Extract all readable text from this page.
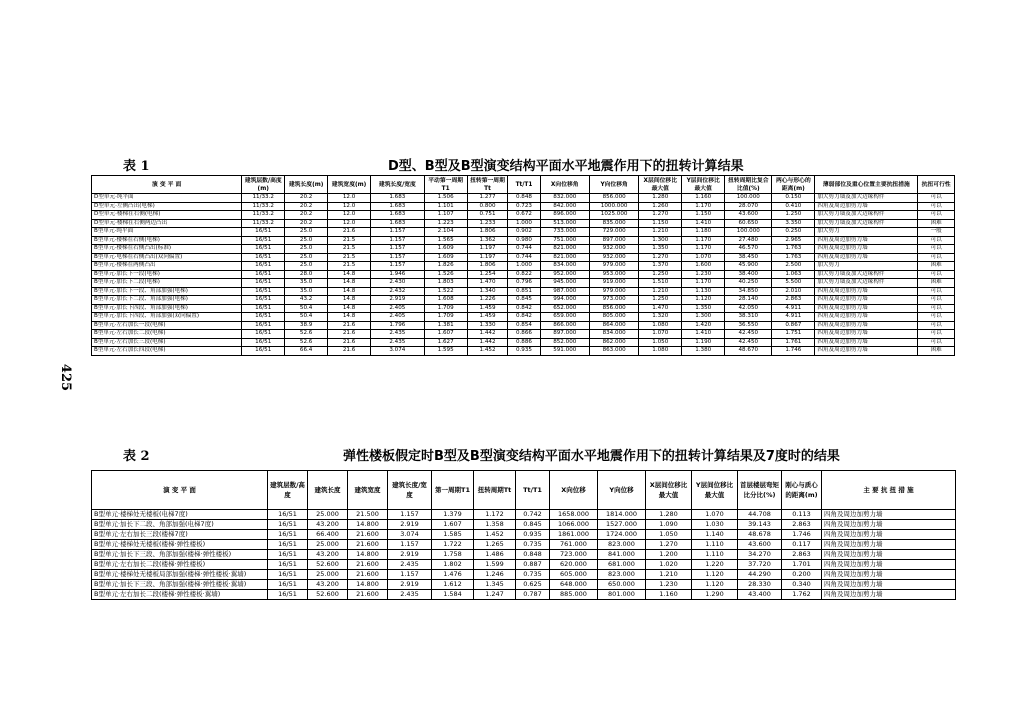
425
表 1	D型、B型及B型演变结构平面水平地震作用下的扭转计算结果
演 变 平 面	建筑层数/高度(m)	建筑长度(m)	建筑宽度(m)	建筑长度/宽度	平动第一周期T1	扭转第一周期Tt	Tt/T1	X向位移角	Y向位移角	X层间位移比最大值	Y层间位移比最大值	扭转周期比复合比值(%)	两心与形心的距离(m)	薄弱部位及重心位置主要抗扭措施	抗扭可行性
D型单元·纯平面	11/33.2	20.2	12.0	1.683	1.506	1.277	0.848	832.000	856.000	1.280	1.160	100.000	0.150	加大剪力墙及加大边缘构件	可以
D型单元·左侧凸出(电梯)	11/33.2	20.2	12.0	1.683	1.101	0.800	0.723	842.000	1000.000	1.260	1.170	28.070	0.410	四角及周边加剪力墙	可以
D型单元·楼梯在右侧(电梯)	11/33.2	20.2	12.0	1.683	1.107	0.751	0.672	896.000	1025.000	1.270	1.150	43.600	1.250	加大剪力墙及加大边缘构件	可以
D型单元·楼梯在右侧两边凸出	11/33.2	20.2	12.0	1.683	1.223	1.233	1.000	513.000	835.000	1.150	1.410	60.650	3.350	加大剪力墙及加大边缘构件	困难
B型单元·纯平面	16/51	25.0	21.6	1.157	2.104	1.806	0.902	733.000	729.000	1.210	1.180	100.000	0.250	加大剪力	一般
B型单元·楼梯在右侧(电梯)	16/51	25.0	21.5	1.157	1.565	1.362	0.980	751.000	897.000	1.300	1.170	27.480	2.965	四角及周边加剪力墙	可以
B型单元·楼梯在右侧凸出(标准)	16/51	25.0	21.5	1.157	1.609	1.197	0.744	821.000	932.000	1.350	1.170	46.570	1.763	四角及周边加剪力墙	可以
B型单元·电梯在右侧凸出(双向偏置)	16/51	25.0	21.5	1.157	1.609	1.197	0.744	821.000	932.000	1.270	1.070	38.450	1.763	四角及周边加剪力墙	可以
B型单元·楼梯在两侧凸出	16/51	25.0	21.5	1.157	1.826	1.806	1.000	834.000	979.000	1.370	1.600	45.900	2.500	加大剪力	困难
B型单元·加长下一段(电梯)	16/51	28.0	14.8	1.946	1.526	1.254	0.822	952.000	953.000	1.250	1.230	38.400	1.063	加大剪力墙及加大边缘构件	可以
B型单元·加长下二段(电梯)	16/51	35.0	14.8	2.430	1.803	1.470	0.796	945.000	919.000	1.510	1.170	40.250	5.500	加大剪力墙及加大边缘构件	困难
B型单元·加长下一段、角部加强(电梯)	16/51	35.0	14.8	2.432	1.522	1.340	0.851	987.000	979.000	1.210	1.130	34.850	2.010	四角及周边加剪力墙	可以
B型单元·加长下二段、角部加强(电梯)	16/51	43.2	14.8	2.919	1.608	1.226	0.845	994.000	973.000	1.250	1.120	28.140	2.863	四角及周边加剪力墙	可以
B型单元·加长下四段、角部加强(电梯)	16/51	50.4	14.8	2.405	1.709	1.459	0.842	652.000	856.000	1.470	1.350	42.050	4.911	四角及周边加剪力墙	可以
B型单元·加长下四段、角部加强(双向偏置)	16/51	50.4	14.8	2.405	1.709	1.459	0.842	659.000	805.000	1.320	1.300	38.310	4.911	四角及周边加剪力墙	可以
B型单元·左右加长一段(电梯)	16/51	38.9	21.6	1.796	1.381	1.330	0.854	866.000	864.000	1.080	1.420	36.550	0.867	四角及周边加剪力墙	可以
B型单元·左右加长二段(电梯)	16/51	52.6	21.6	2.435	1.607	1.442	0.866	897.000	834.000	1.070	1.410	42.450	1.751	四角及周边加剪力墙	可以
B型单元·左右加长三段(电梯)	16/51	52.6	21.6	2.435	1.627	1.442	0.886	852.000	862.000	1.050	1.190	42.450	1.761	四角及周边加剪力墙	可以
B型单元·左右加长四段(电梯)	16/51	66.4	21.6	3.074	1.595	1.452	0.935	591.000	863.000	1.080	1.380	48.670	1.746	四角及周边加剪力墙	困难
表 2	弹性楼板假定时B型及B型演变结构平面水平地震作用下的扭转计算结果及7度时的结果
演 变 平 面	建筑层数/高度	建筑长度	建筑宽度	建筑长度/宽度	第一周期T1	扭转周期Tt	Tt/T1	X向位移	Y向位移	X层间位移比最大值	Y层间位移比最大值	首层楼层弯矩比分比(%)	刚心与质心的距离(m)	主 要 抗 扭 措 施
B型单元·楼梯处无楼板(电梯7度)	16/51	25.000	21.500	1.157	1.379	1.172	0.742	1658.000	1814.000	1.280	1.070	44.708	0.113	四角及周边加剪力墙
B型单元·加长下二段、角部加强(电梯7度)	16/51	43.200	14.800	2.919	1.607	1.358	0.845	1066.000	1527.000	1.090	1.030	39.143	2.863	四角及周边加剪力墙
B型单元·左右加长三段(楼梯7度)	16/51	66.400	21.600	3.074	1.585	1.452	0.935	1861.000	1724.000	1.050	1.140	48.678	1.746	四角及周边加剪力墙
B型单元·楼梯处无楼板(楼梯·弹性楼板)	16/51	25.000	21.600	1.157	1.722	1.265	0.735	761.000	823.000	1.270	1.110	43.600	0.117	四角及周边加剪力墙
B型单元·加长下三段、角部加强(楼梯·弹性楼板)	16/51	43.200	14.800	2.919	1.758	1.486	0.848	723.000	841.000	1.200	1.110	34.270	2.863	四角及周边加剪力墙
B型单元·左右加长二段(楼梯·弹性楼板)	16/51	52.600	21.600	2.435	1.802	1.599	0.887	620.000	681.000	1.020	1.220	37.720	1.701	四角及周边加剪力墙
B型单元·楼梯处无楼板局部加强(楼梯·弹性楼板·翼墙)	16/51	25.000	21.600	1.157	1.476	1.246	0.735	605.000	823.000	1.210	1.120	44.290	0.200	四角及周边加剪力墙
B型单元·加长下三段、角部加强(楼梯·弹性楼板·翼墙)	16/51	43.200	14.800	2.919	1.612	1.345	0.625	648.000	650.000	1.230	1.120	28.330	0.340	四角及周边加剪力墙
B型单元·左右加长二段(楼梯·弹性楼板·翼墙)	16/51	52.600	21.600	2.435	1.584	1.247	0.787	885.000	801.000	1.160	1.290	43.400	1.762	四角及周边加剪力墙
